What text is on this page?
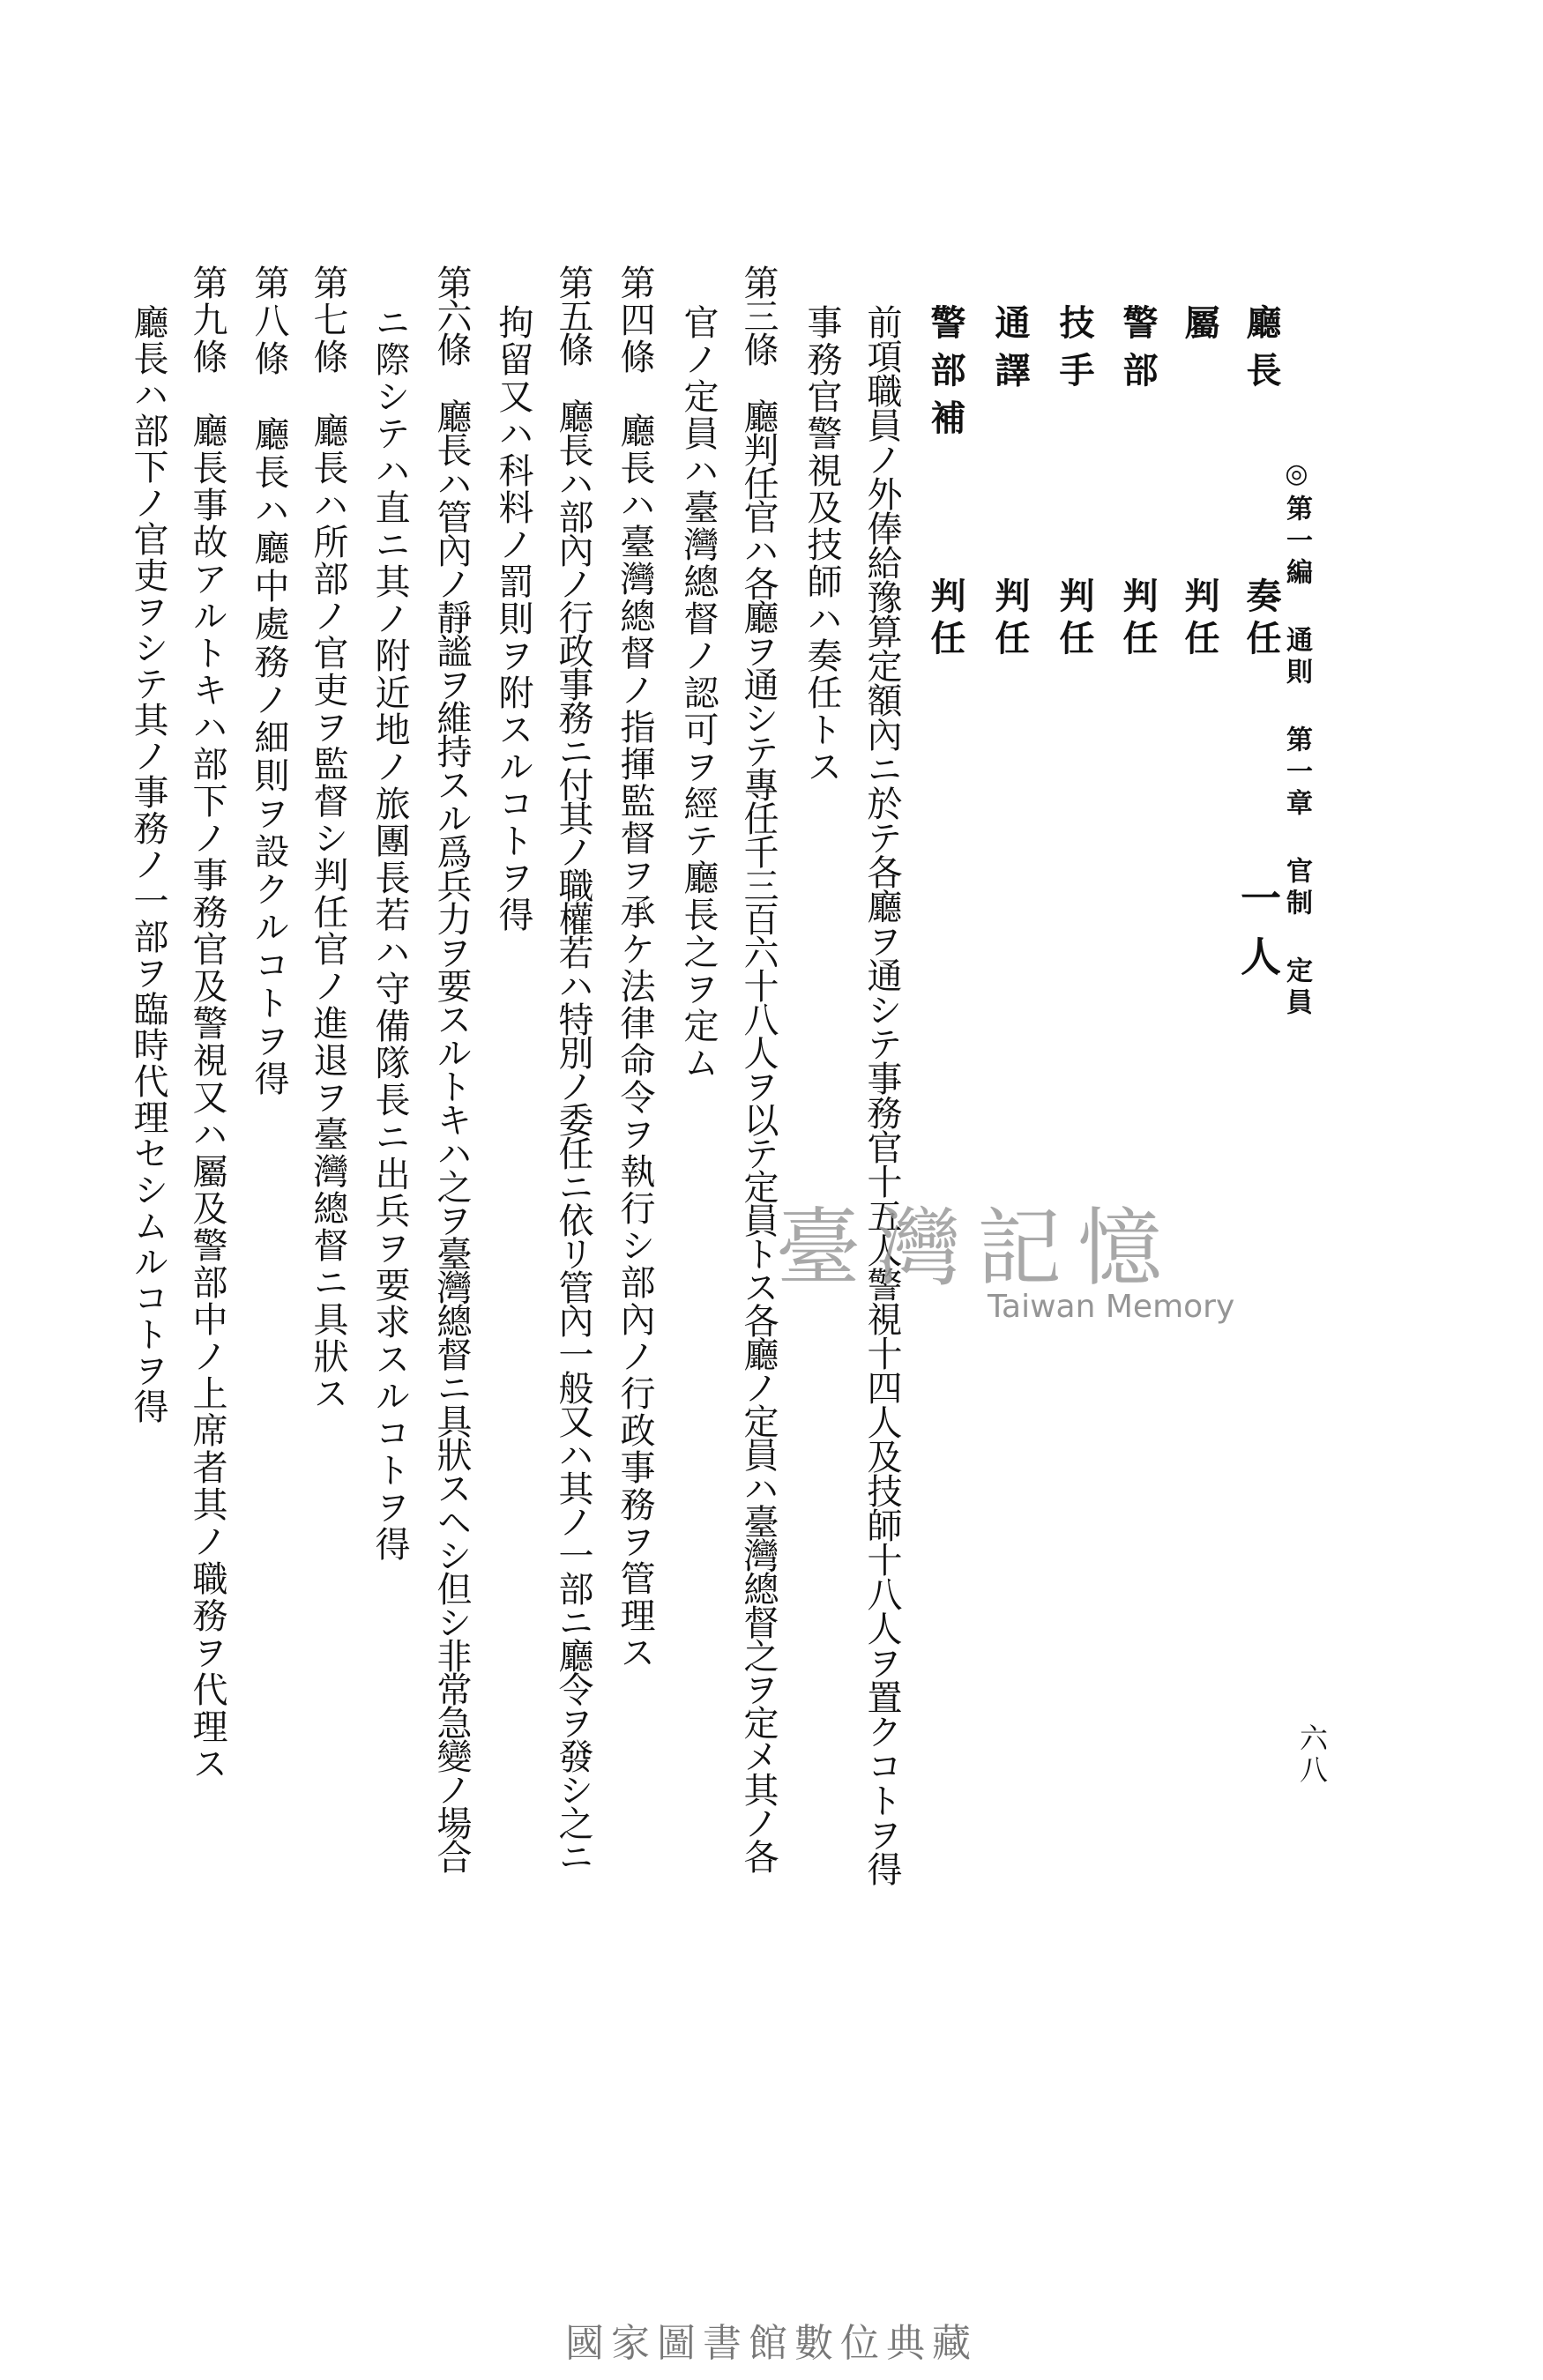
◎第一編 通則 第一章 官制 定員
六八
廳長
奏任
一人
屬
判任
警部
判任
技手
判任
通譯
判任
警部補
判任
前項職員ノ外俸給豫算定額內ニ於テ各廳ヲ通シテ事務官十五人警視十四人及技師十八人ヲ置クコトヲ得
事務官警視及技師ハ奏任トス
第三條　廳判任官ハ各廳ヲ通シテ專任千三百六十八人ヲ以テ定員トス各廳ノ定員ハ臺灣總督之ヲ定メ其ノ各
官ノ定員ハ臺灣總督ノ認可ヲ經テ廳長之ヲ定ム
第四條　廳長ハ臺灣總督ノ指揮監督ヲ承ケ法律命令ヲ執行シ部內ノ行政事務ヲ管理ス
第五條　廳長ハ部內ノ行政事務ニ付其ノ職權若ハ特別ノ委任ニ依リ管內一般又ハ其ノ一部ニ廳令ヲ發シ之ニ
拘留又ハ科料ノ罰則ヲ附スルコトヲ得
第六條　廳長ハ管內ノ靜謐ヲ維持スル爲兵力ヲ要スルトキハ之ヲ臺灣總督ニ具狀スヘシ但シ非常急變ノ場合
ニ際シテハ直ニ其ノ附近地ノ旅團長若ハ守備隊長ニ出兵ヲ要求スルコトヲ得
第七條　廳長ハ所部ノ官吏ヲ監督シ判任官ノ進退ヲ臺灣總督ニ具狀ス
第八條　廳長ハ廳中處務ノ細則ヲ設クルコトヲ得
第九條　廳長事故アルトキハ部下ノ事務官及警視又ハ屬及警部中ノ上席者其ノ職務ヲ代理ス
廳長ハ部下ノ官吏ヲシテ其ノ事務ノ一部ヲ臨時代理セシムルコトヲ得	臺灣記憶
Taiwan Memory
國家圖書館數位典藏
